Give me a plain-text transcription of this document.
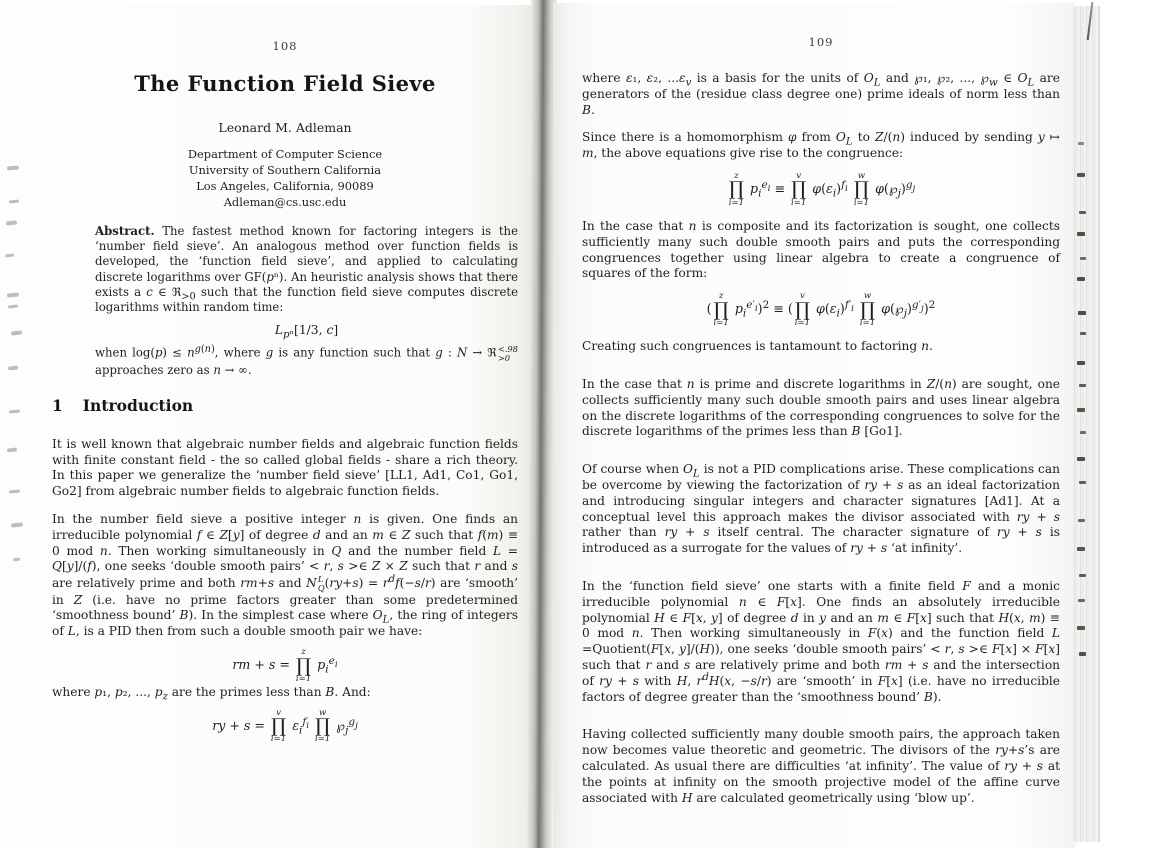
108
The Function Field Sieve
Leonard M. Adleman
Department of Computer Science
University of Southern California
Los Angeles, California, 90089
Adleman@cs.usc.edu
Abstract. The fastest method known for factoring integers is the ‘number field sieve’. An analogous method over function fields is developed, the ‘function field sieve’, and applied to calculating discrete logarithms over GF(pⁿ). An heuristic analysis shows that there exists a c ∈ ℜ$_{>0}$ such that the function field sieve computes discrete logarithms within random time:
$L_{p^n}[1/3$, c]
when $\log(p) \le n^{g(n)}$, where g is any function such that g : N → ℜ <.98
>0
approaches zero as n → ∞.
1 Introduction
It is well known that algebraic number fields and algebraic function fields with finite constant field - the so called global fields - share a rich theory. In this paper we generalize the ‘number field sieve’ [LL1, Ad1, Co1, Go1, Go2] from algebraic number fields to algebraic function fields.
In the number field sieve a positive integer n is given. One finds an irreducible polynomial f ∈ Z[y] of degree d and an m ∈ Z such that f(m) ≡ 0 mod n. Then working simultaneously in Q and the number field L = Q[y]/(f), one seeks ‘double smooth pairs’ < r, s >∈ Z × Z such that r and s are relatively prime and both rm+s and N L
Q $(ry+s) = r^df(-s/r)$ are ‘smooth’ in Z (i.e. have no prime factors greater than some predetermined ‘smoothness bound’ B). In the simplest case where $O_L$, the ring of integers of L, is a PID then from such a double smooth pair we have:
rm + s =
z
∏
i=1
$p_i^{e_i}$
where p₁, p₂, ..., $p_z$ are the primes less than B. And:
ry + s =
v
∏
i=1
$\varepsilon_i^{f_i}$
w
∏
i=1
$℘_j^{g_j}$
109
where ε₁, ε₂, $...\varepsilon_v$ is a basis for the units of $O_L$ and ℘₁, ℘₂, ..., $℘_w$ ∈ $O_L$ are generators of the (residue class degree one) prime ideals of norm less than B.
Since there is a homomorphism φ from $O_L$ to Z/(n) induced by sending y ↦ m, the above equations give rise to the congruence:
z
∏
i=1
$p_i^{e_i}$ ≡
v
∏
i=1
$\varphi(\varepsilon_i)^{f_i}$
w
∏
i=1
$\varphi(℘_j)^{g_j}$
In the case that n is composite and its factorization is sought, one collects sufficiently many such double smooth pairs and puts the corresponding congruences together using linear algebra to create a congruence of squares of the form:
(
z
∏
i=1
$p_i^{e'_i})^2$ ≡ (
v
∏
i=1
$\varphi(\varepsilon_i)^{f'_i}$
w
∏
i=1
$\varphi(℘_j)^{g'_j})^2$
Creating such congruences is tantamount to factoring n.
In the case that n is prime and discrete logarithms in Z/(n) are sought, one collects sufficiently many such double smooth pairs and uses linear algebra on the discrete logarithms of the corresponding congruences to solve for the discrete logarithms of the primes less than B [Go1].
Of course when $O_L$ is not a PID complications arise. These complications can be overcome by viewing the factorization of ry + s as an ideal factorization and introducing singular integers and character signatures [Ad1]. At a conceptual level this approach makes the divisor associated with ry + s rather than ry + s itself central. The character signature of ry + s is introduced as a surrogate for the values of ry + s ‘at infinity’.
In the ‘function field sieve’ one starts with a finite field F and a monic irreducible polynomial n ∈ F[x]. One finds an absolutely irreducible polynomial H ∈ F[x, y] of degree d in y and an m ∈ F[x] such that H(x, m) ≡ 0 mod n. Then working simultaneously in F(x) and the function field L =Quotient(F[x, y]/(H)), one seeks ‘double smooth pairs’ < r, s >∈ F[x] × F[x] such that r and s are relatively prime and both rm + s and the intersection of ry + s with H, $r^dH(x$, −s/r) are ‘smooth’ in F[x] (i.e. have no irreducible factors of degree greater than the ‘smoothness bound’ B).
Having collected sufficiently many double smooth pairs, the approach taken now becomes value theoretic and geometric. The divisors of the ry+s’s are calculated. As usual there are difficulties ‘at infinity’. The value of ry + s at the points at infinity on the smooth projective model of the affine curve associated with H are calculated geometrically using ‘blow up’.
